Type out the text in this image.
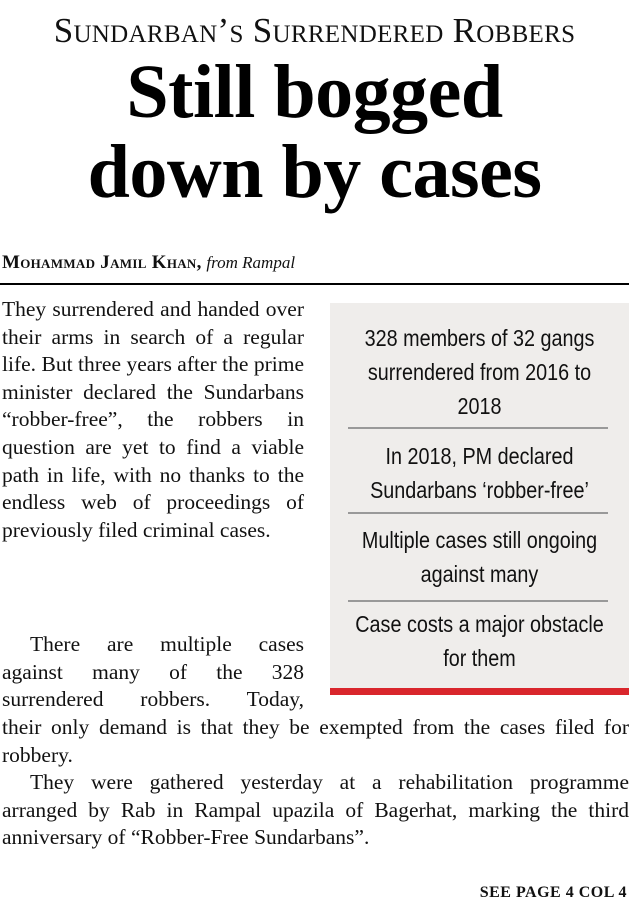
Sundarban’s Surrendered Robbers
Still bogged
down by cases
Mohammad Jamil Khan, from Rampal

They surrendered and handed over their arms in search of a regular life. But three years after the prime minister declared the Sundarbans “robber-free”, the robbers in question are yet to find a viable path in life, with no thanks to the endless web of proceedings of previously filed criminal cases.

There are multiple cases against many of the 328 surrendered robbers. Today,

their only demand is that they be exempted from the cases filed for robbery.

They were gathered yesterday at a rehabilitation programme arranged by Rab in Rampal upazila of Bagerhat, marking the third anniversary of “Robber-Free Sundarbans”.

328 members of 32 gangs surrendered from 2016 to 2018
In 2018, PM declared Sundarbans ‘robber-free’
Multiple cases still ongoing against many
Case costs a major obstacle for them
SEE PAGE 4 COL 4
